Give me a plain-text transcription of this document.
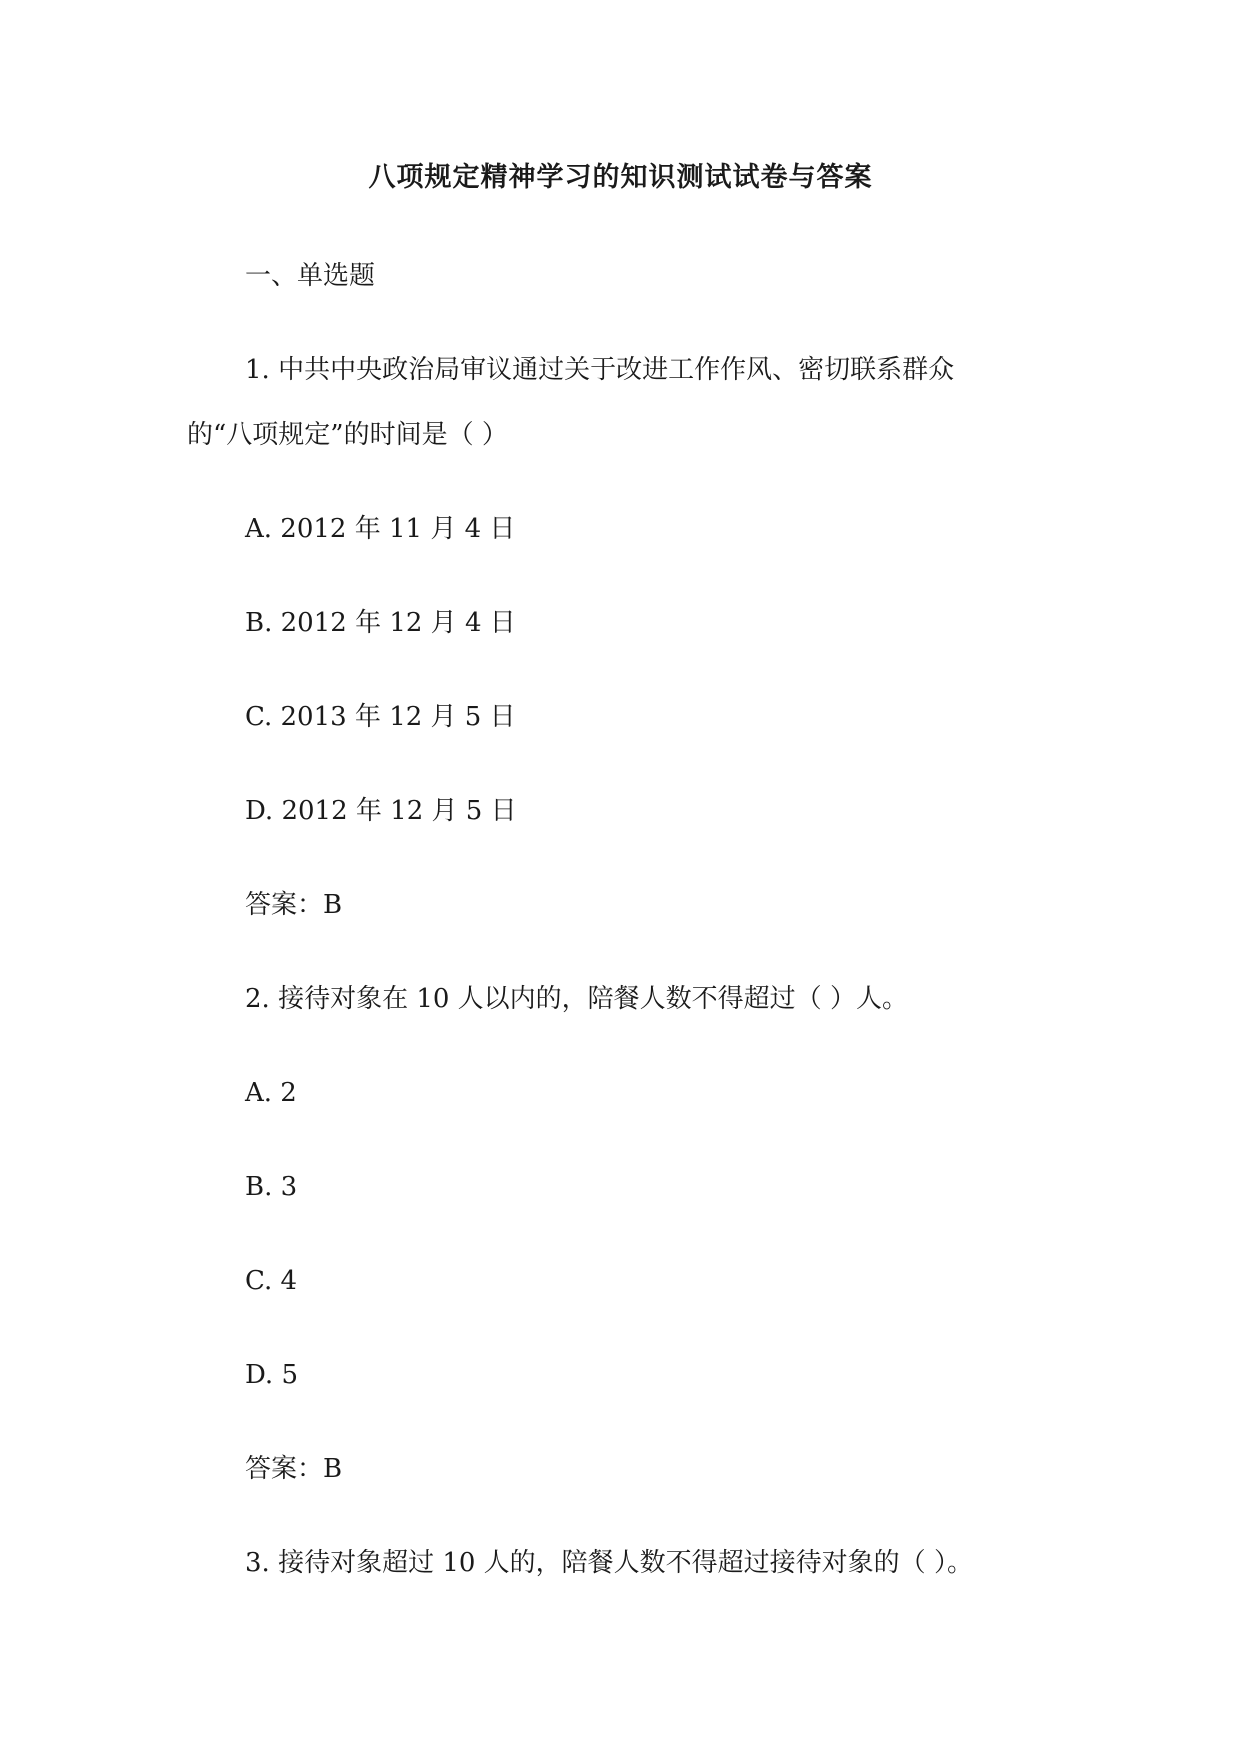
八项规定精神学习的知识测试试卷与答案
一、单选题
1. 中共中央政治局审议通过关于改进工作作风、密切联系群众
的“八项规定”的时间是（ ）
A. 2012 年 11 月 4 日
B. 2012 年 12 月 4 日
C. 2013 年 12 月 5 日
D. 2012 年 12 月 5 日
答案：B
2. 接待对象在 10 人以内的，陪餐人数不得超过（ ）人。
A. 2
B. 3
C. 4
D. 5
答案：B
3. 接待对象超过 10 人的，陪餐人数不得超过接待对象的（ ）。
